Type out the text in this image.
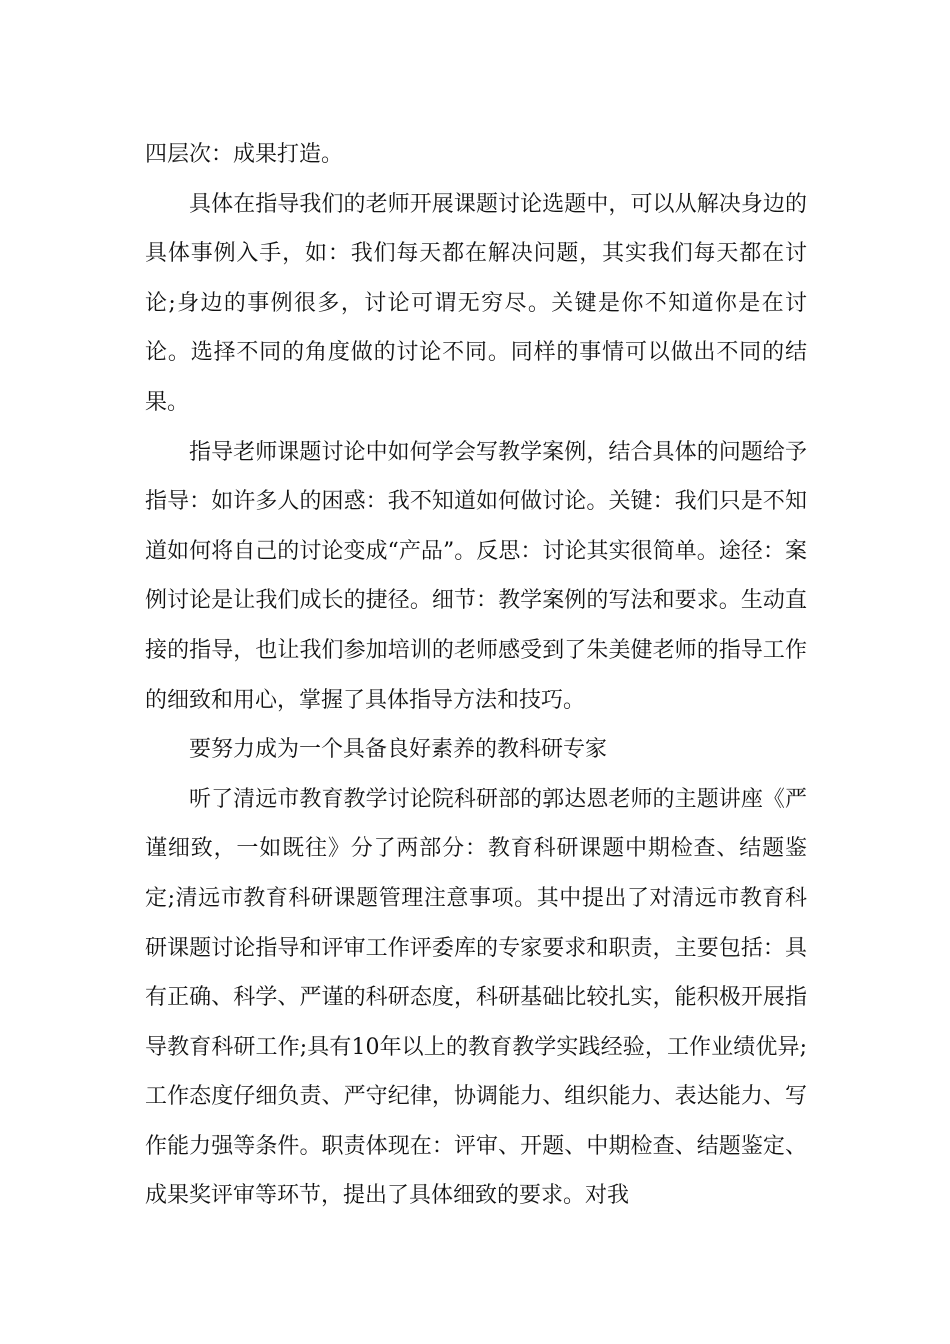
四层次：成果打造。

具体在指导我们的老师开展课题讨论选题中，可以从解决身边的具体事例入手，如：我们每天都在解决问题，其实我们每天都在讨论;身边的事例很多，讨论可谓无穷尽。关键是你不知道你是在讨论。选择不同的角度做的讨论不同。同样的事情可以做出不同的结果。

指导老师课题讨论中如何学会写教学案例，结合具体的问题给予指导：如许多人的困惑：我不知道如何做讨论。关键：我们只是不知道如何将自己的讨论变成“产品”。反思：讨论其实很简单。途径：案例讨论是让我们成长的捷径。细节：教学案例的写法和要求。生动直接的指导，也让我们参加培训的老师感受到了朱美健老师的指导工作的细致和用心，掌握了具体指导方法和技巧。

要努力成为一个具备良好素养的教科研专家

听了清远市教育教学讨论院科研部的郭达恩老师的主题讲座《严谨细致，一如既往》分了两部分：教育科研课题中期检查、结题鉴定;清远市教育科研课题管理注意事项。其中提出了对清远市教育科研课题讨论指导和评审工作评委库的专家要求和职责，主要包括：具有正确、科学、严谨的科研态度，科研基础比较扎实，能积极开展指导教育科研工作;具有10年以上的教育教学实践经验，工作业绩优异;工作态度仔细负责、严守纪律，协调能力、组织能力、表达能力、写作能力强等条件。职责体现在：评审、开题、中期检查、结题鉴定、成果奖评审等环节，提出了具体细致的要求。对我
